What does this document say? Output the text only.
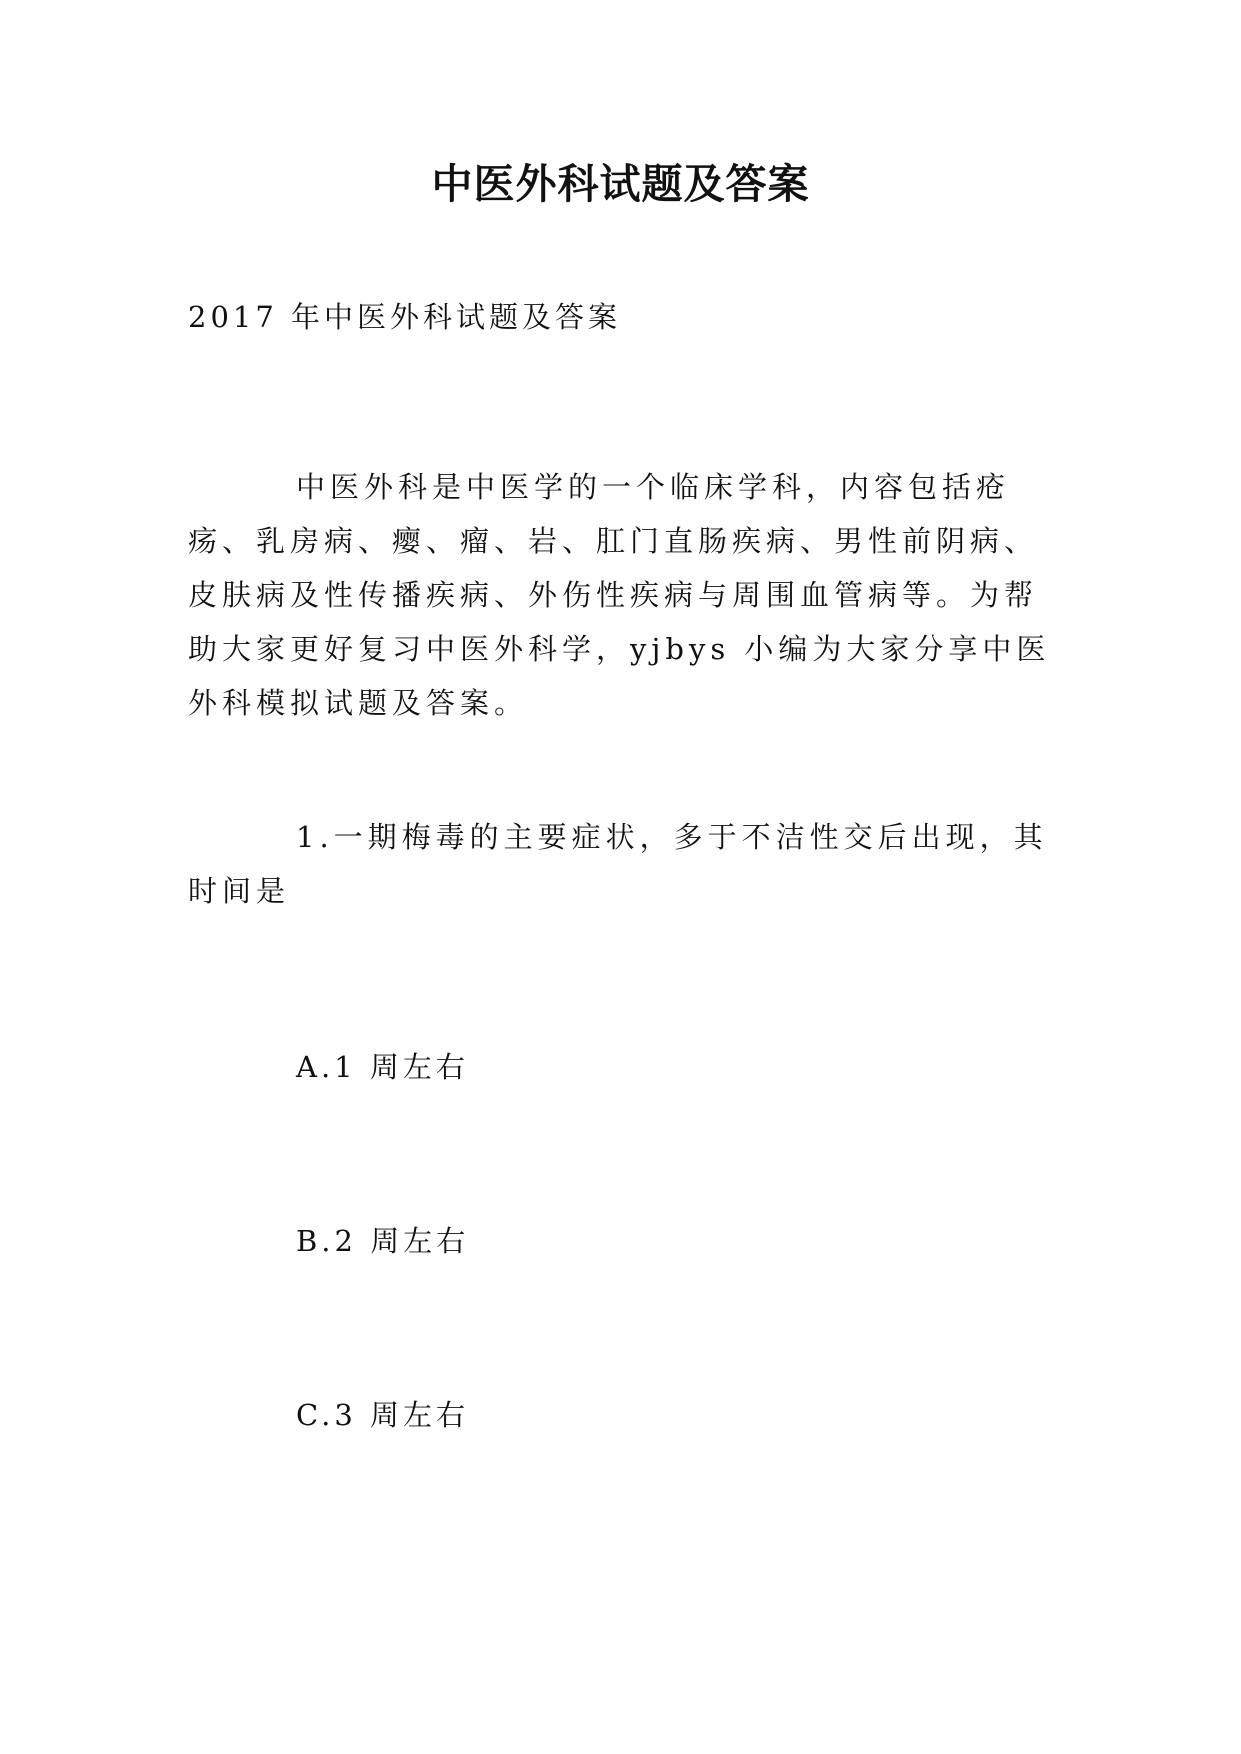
中医外科试题及答案

2017 年中医外科试题及答案

中医外科是中医学的一个临床学科，内容包括疮疡、乳房病、瘿、瘤、岩、肛门直肠疾病、男性前阴病、皮肤病及性传播疾病、外伤性疾病与周围血管病等。为帮助大家更好复习中医外科学，yjbys 小编为大家分享中医外科模拟试题及答案。

1.一期梅毒的主要症状，多于不洁性交后出现，其时间是

A.1 周左右

B.2 周左右

C.3 周左右
